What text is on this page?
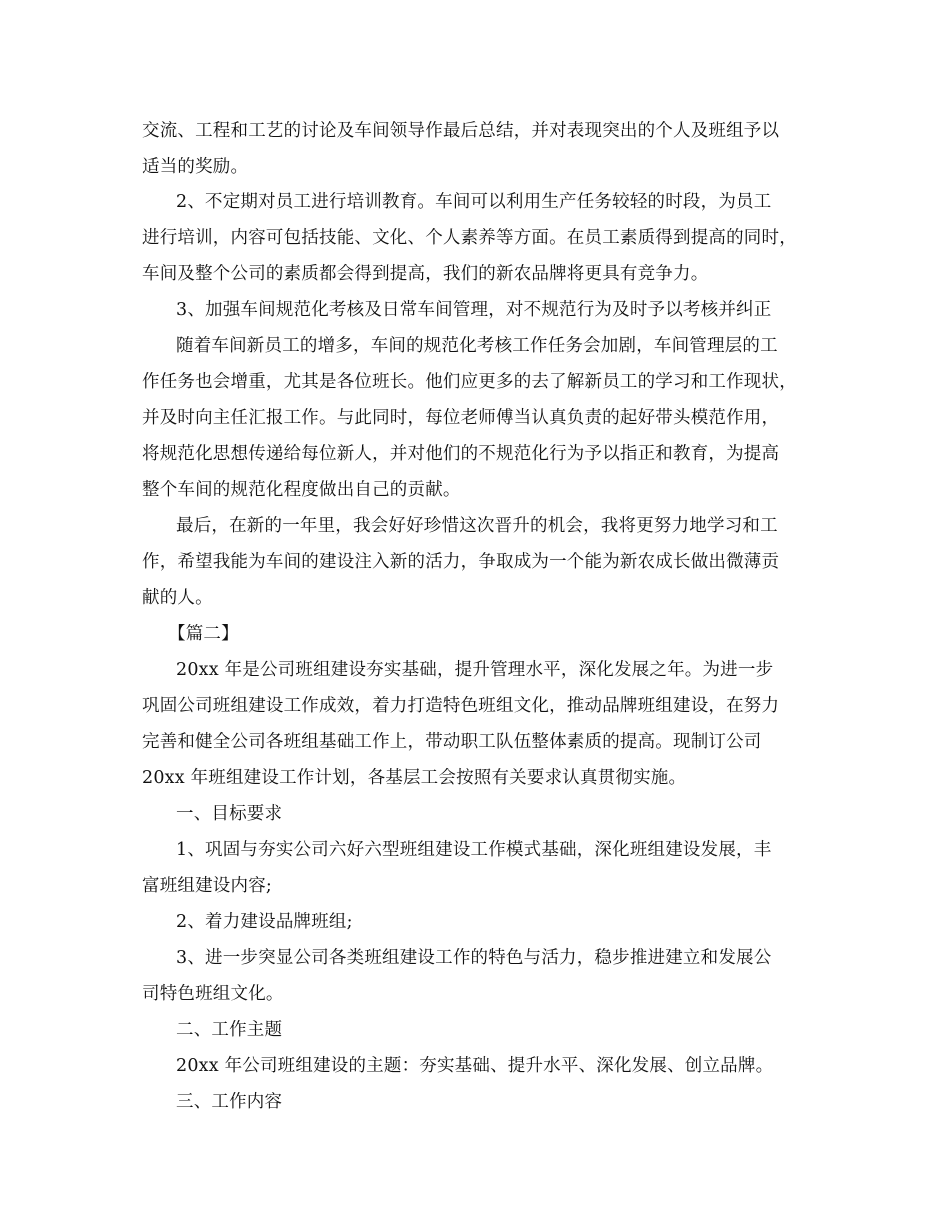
交流、工程和工艺的讨论及车间领导作最后总结，并对表现突出的个人及班组予以
适当的奖励。
2、不定期对员工进行培训教育。车间可以利用生产任务较轻的时段，为员工
进行培训，内容可包括技能、文化、个人素养等方面。在员工素质得到提高的同时，
车间及整个公司的素质都会得到提高，我们的新农品牌将更具有竞争力。
3、加强车间规范化考核及日常车间管理，对不规范行为及时予以考核并纠正
随着车间新员工的增多，车间的规范化考核工作任务会加剧，车间管理层的工
作任务也会增重，尤其是各位班长。他们应更多的去了解新员工的学习和工作现状，
并及时向主任汇报工作。与此同时，每位老师傅当认真负责的起好带头模范作用，
将规范化思想传递给每位新人，并对他们的不规范化行为予以指正和教育，为提高
整个车间的规范化程度做出自己的贡献。
最后，在新的一年里，我会好好珍惜这次晋升的机会，我将更努力地学习和工
作，希望我能为车间的建设注入新的活力，争取成为一个能为新农成长做出微薄贡
献的人。
【篇二】
20xx 年是公司班组建设夯实基础，提升管理水平，深化发展之年。为进一步
巩固公司班组建设工作成效，着力打造特色班组文化，推动品牌班组建设，在努力
完善和健全公司各班组基础工作上，带动职工队伍整体素质的提高。现制订公司
20xx 年班组建设工作计划，各基层工会按照有关要求认真贯彻实施。
一、目标要求
1、巩固与夯实公司六好六型班组建设工作模式基础，深化班组建设发展，丰
富班组建设内容;
2、着力建设品牌班组;
3、进一步突显公司各类班组建设工作的特色与活力，稳步推进建立和发展公
司特色班组文化。
二、工作主题
20xx 年公司班组建设的主题：夯实基础、提升水平、深化发展、创立品牌。
三、工作内容
